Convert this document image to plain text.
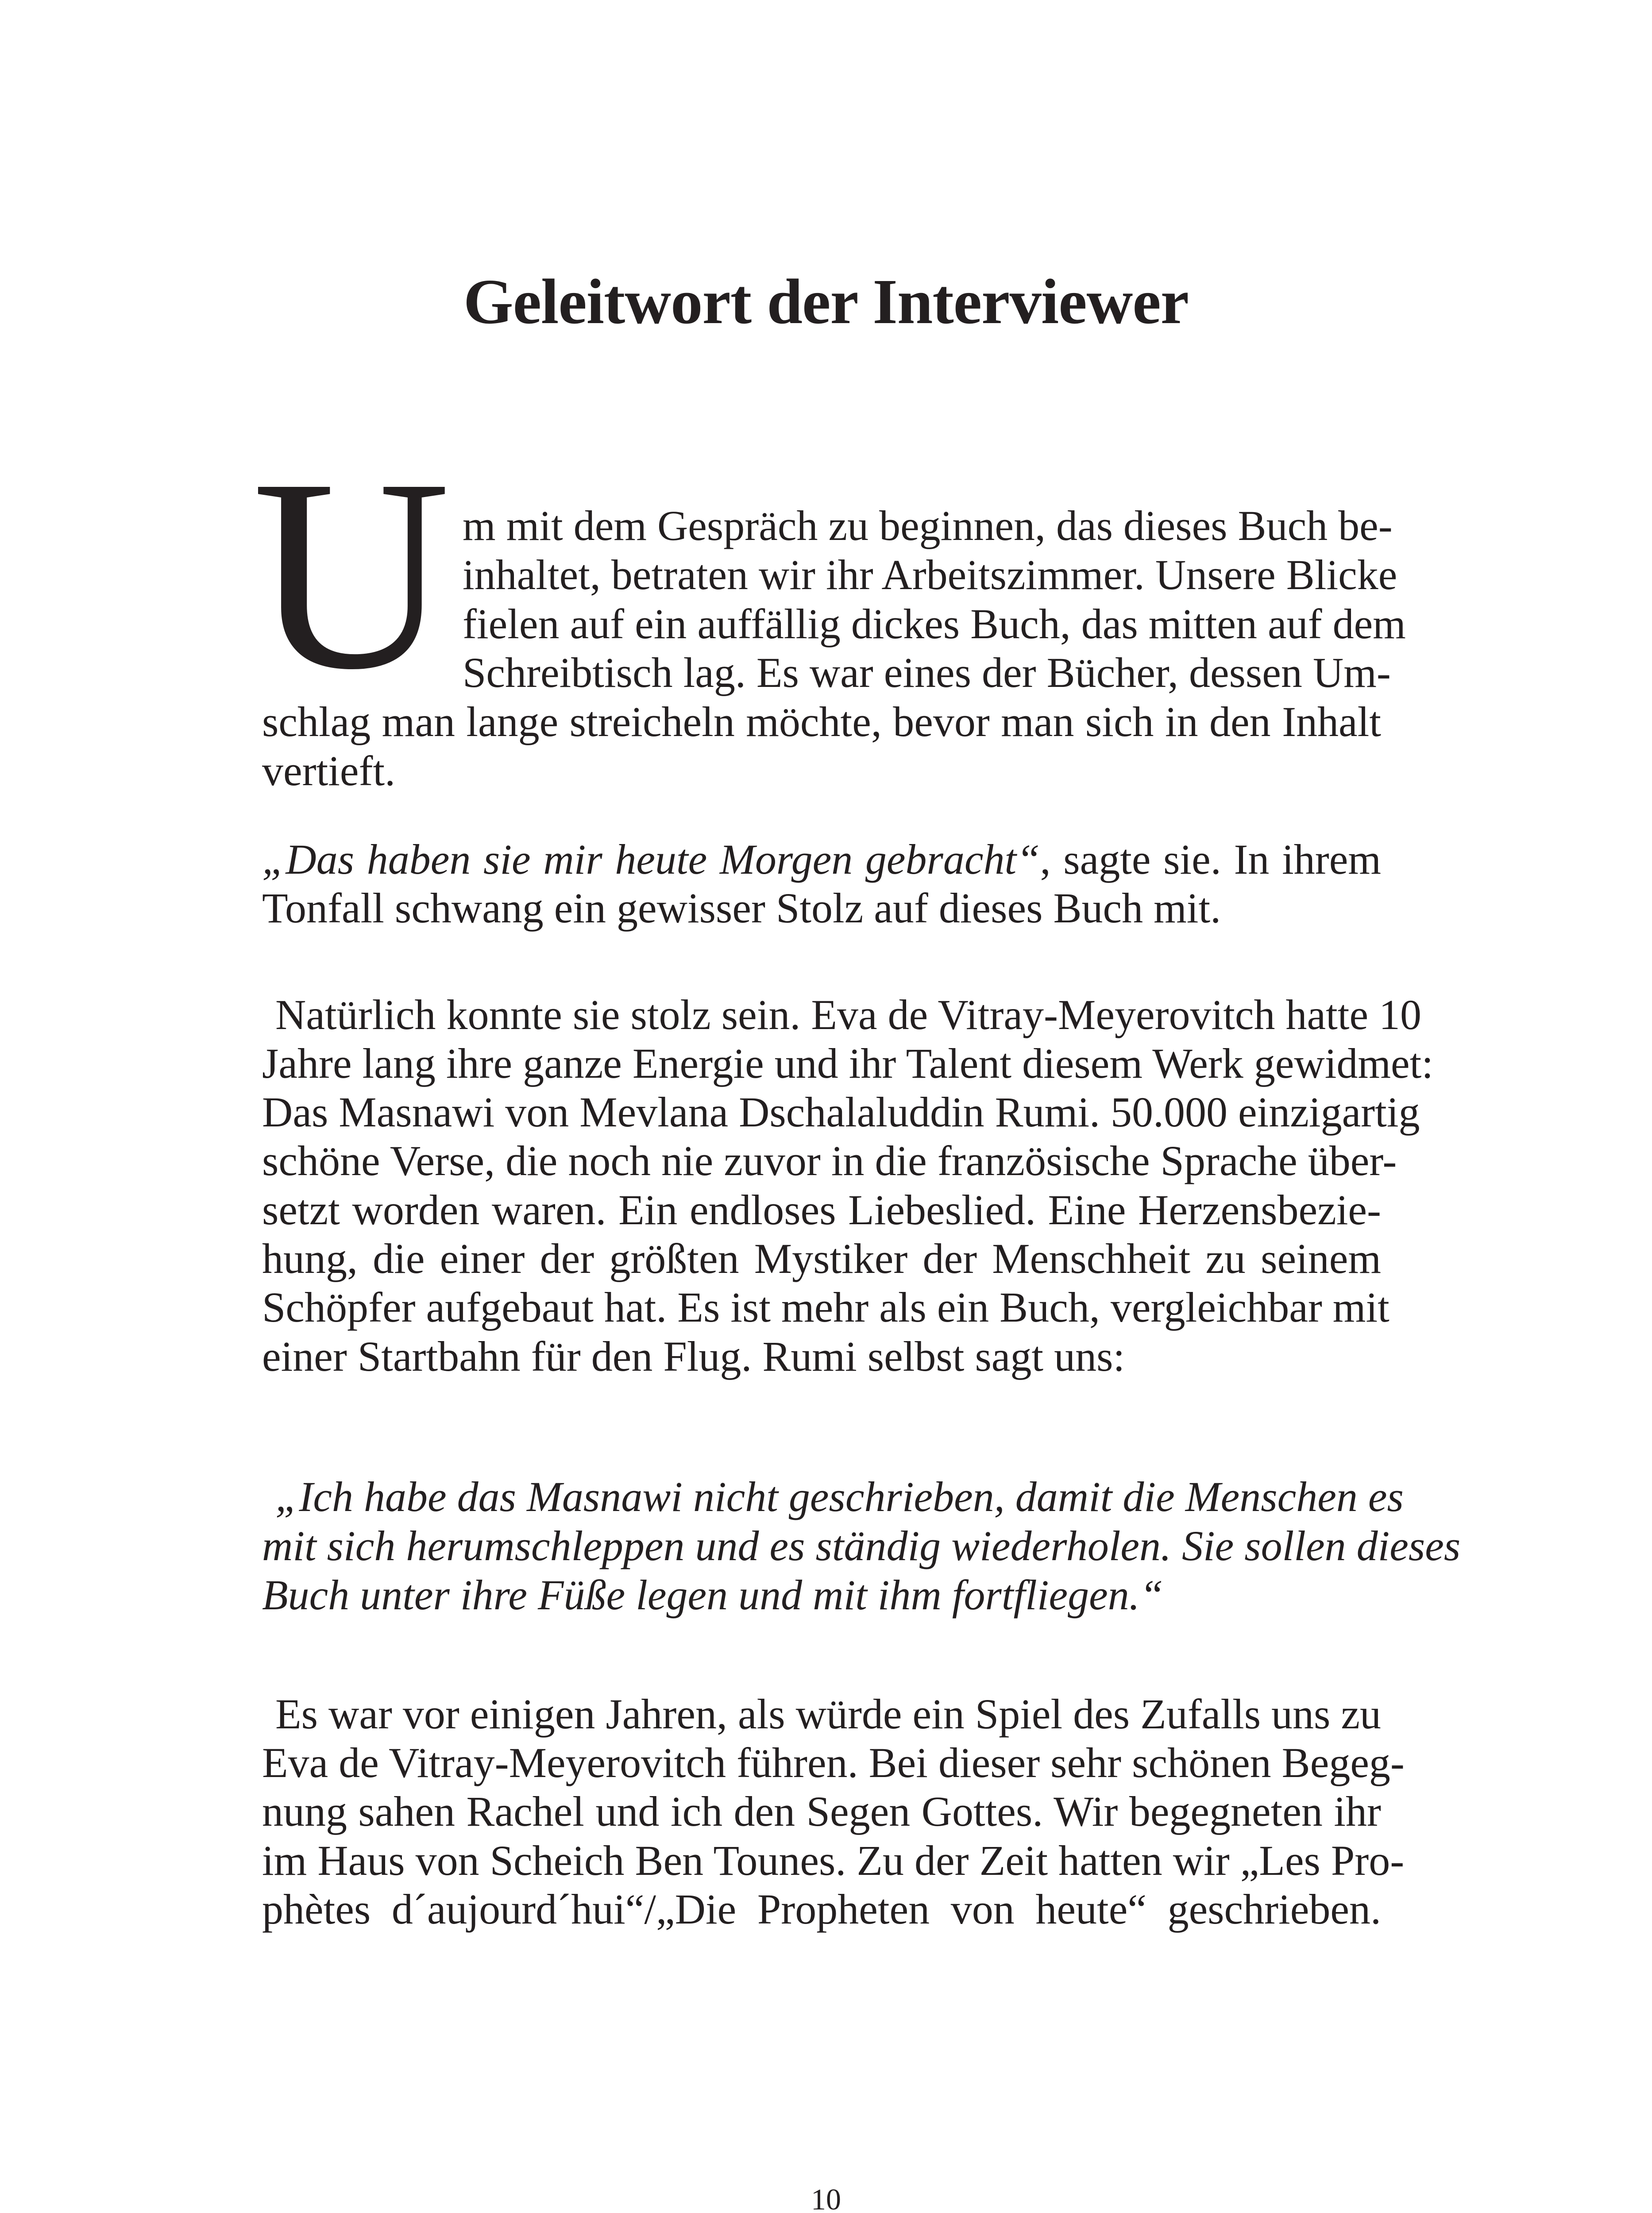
Geleitwort der Interviewer
U m mit dem Gespräch zu beginnen, das dieses Buch be-
inhaltet, betraten wir ihr Arbeitszimmer. Unsere Blicke
fielen auf ein auffällig dickes Buch, das mitten auf dem
Schreibtisch lag. Es war eines der Bücher, dessen Um-
schlag man lange streicheln möchte, bevor man sich in den Inhalt
vertieft.
„Das haben sie mir heute Morgen gebracht“, sagte sie. In ihrem
Tonfall schwang ein gewisser Stolz auf dieses Buch mit.
Natürlich konnte sie stolz sein. Eva de Vitray-Meyerovitch hatte 10
Jahre lang ihre ganze Energie und ihr Talent diesem Werk gewidmet:
Das Masnawi von Mevlana Dschalaluddin Rumi. 50.000 einzigartig
schöne Verse, die noch nie zuvor in die französische Sprache über-
setzt worden waren. Ein endloses Liebeslied. Eine Herzensbezie-
hung, die einer der größten Mystiker der Menschheit zu seinem
Schöpfer aufgebaut hat. Es ist mehr als ein Buch, vergleichbar mit
einer Startbahn für den Flug. Rumi selbst sagt uns:
„Ich habe das Masnawi nicht geschrieben, damit die Menschen es
mit sich herumschleppen und es ständig wiederholen. Sie sollen dieses
Buch unter ihre Füße legen und mit ihm fortfliegen.“
Es war vor einigen Jahren, als würde ein Spiel des Zufalls uns zu
Eva de Vitray-Meyerovitch führen. Bei dieser sehr schönen Begeg-
nung sahen Rachel und ich den Segen Gottes. Wir begegneten ihr
im Haus von Scheich Ben Tounes. Zu der Zeit hatten wir „Les Pro-
phètes d´aujourd´hui“/„Die Propheten von heute“ geschrieben.
10
